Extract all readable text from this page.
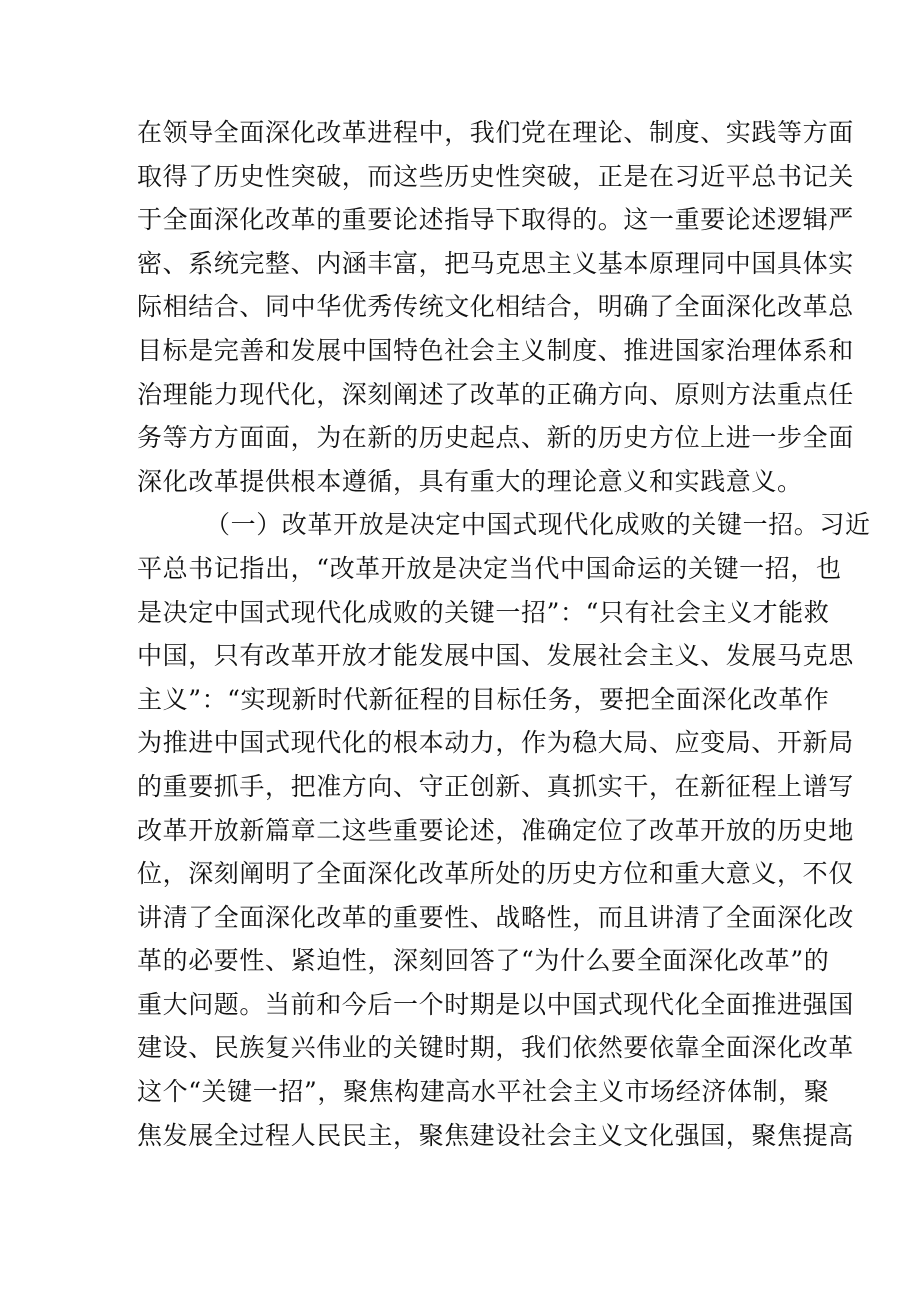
在领导全面深化改革进程中，我们党在理论、制度、实践等方面
取得了历史性突破，而这些历史性突破，正是在习近平总书记关
于全面深化改革的重要论述指导下取得的。这一重要论述逻辑严
密、系统完整、内涵丰富，把马克思主义基本原理同中国具体实
际相结合、同中华优秀传统文化相结合，明确了全面深化改革总
目标是完善和发展中国特色社会主义制度、推进国家治理体系和
治理能力现代化，深刻阐述了改革的正确方向、原则方法重点任
务等方方面面，为在新的历史起点、新的历史方位上进一步全面
深化改革提供根本遵循，具有重大的理论意义和实践意义。
（一）改革开放是决定中国式现代化成败的关键一招。习近
平总书记指出，“改革开放是决定当代中国命运的关键一招，也
是决定中国式现代化成败的关键一招”：“只有社会主义才能救
中国，只有改革开放才能发展中国、发展社会主义、发展马克思
主义”：“实现新时代新征程的目标任务，要把全面深化改革作
为推进中国式现代化的根本动力，作为稳大局、应变局、开新局
的重要抓手，把准方向、守正创新、真抓实干，在新征程上谱写
改革开放新篇章二这些重要论述，准确定位了改革开放的历史地
位，深刻阐明了全面深化改革所处的历史方位和重大意义，不仅
讲清了全面深化改革的重要性、战略性，而且讲清了全面深化改
革的必要性、紧迫性，深刻回答了“为什么要全面深化改革”的
重大问题。当前和今后一个时期是以中国式现代化全面推进强国
建设、民族复兴伟业的关键时期，我们依然要依靠全面深化改革
这个“关键一招”，聚焦构建高水平社会主义市场经济体制，聚
焦发展全过程人民民主，聚焦建设社会主义文化强国，聚焦提高
